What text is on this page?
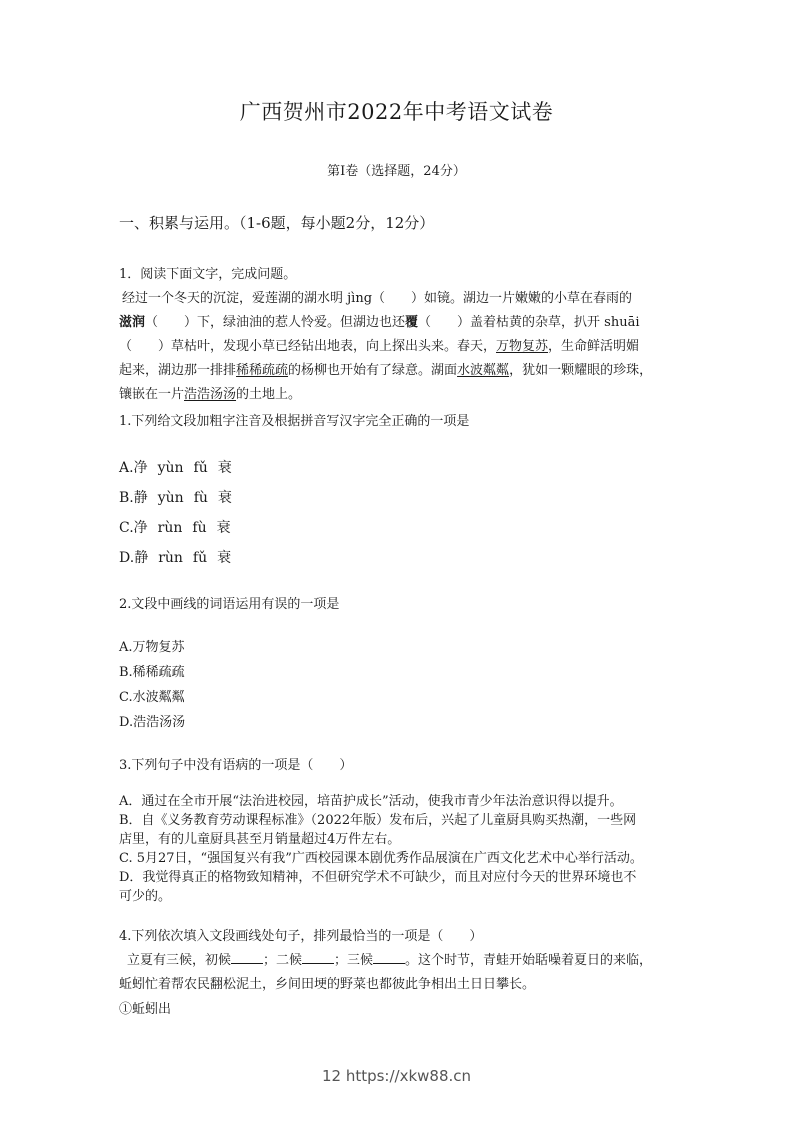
广西贺州市2022年中考语文试卷
第I卷（选择题，24分）
一、积累与运用。（1-6题，每小题2分，12分）
1．阅读下面文字，完成问题。
经过一个冬天的沉淀，爱莲湖的湖水明 jìng（　　）如镜。湖边一片嫩嫩的小草在春雨的
滋润（　　）下，绿油油的惹人怜爱。但湖边也还覆（　　）盖着枯黄的杂草，扒开 shuāi
（　　）草枯叶，发现小草已经钻出地表，向上探出头来。春天，万物复苏，生命鲜活明媚
起来，湖边那一排排稀稀疏疏的杨柳也开始有了绿意。湖面水波粼粼，犹如一颗耀眼的珍珠，
镶嵌在一片浩浩汤汤的土地上。
1.下列给文段加粗字注音及根据拼音写汉字完全正确的一项是
A.净 yùn fǔ 衰
B.静 yùn fù 衰
C.净 rùn fù 衰
D.静 rùn fǔ 衰
2.文段中画线的词语运用有误的一项是
A.万物复苏
B.稀稀疏疏
C.水波粼粼
D.浩浩汤汤
3.下列句子中没有语病的一项是（　　）
A．通过在全市开展“法治进校园，培苗护成长”活动，使我市青少年法治意识得以提升。
B．自《义务教育劳动课程标准》（2022年版）发布后，兴起了儿童厨具购买热潮，一些网
店里，有的儿童厨具甚至月销量超过4万件左右。
C. 5月27日，“强国复兴有我”广西校园课本剧优秀作品展演在广西文化艺术中心举行活动。
D．我觉得真正的格物致知精神，不但研究学术不可缺少，而且对应付今天的世界环境也不
可少的。
4.下列依次填入文段画线处句子，排列最恰当的一项是（　　）
立夏有三候，初候 ；二候 ；三候 。这个时节，青蛙开始聒噪着夏日的来临，
蚯蚓忙着帮农民翻松泥土，乡间田埂的野菜也都彼此争相出土日日攀长。
①蚯蚓出
12 https://xkw88.cn
